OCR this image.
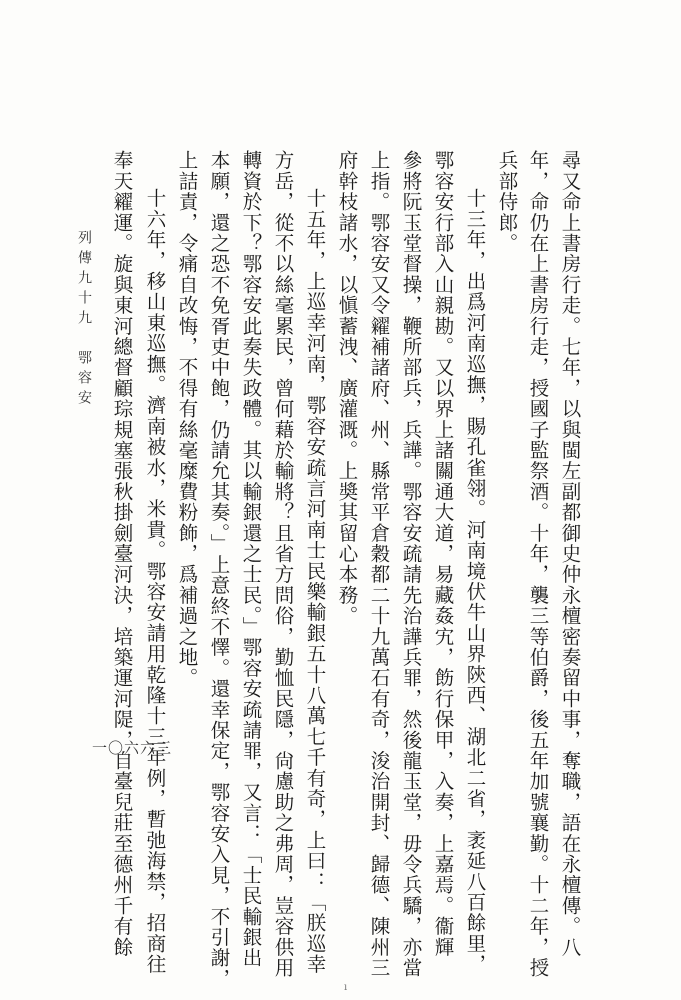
尋又命上書房行走。七年，以與閩左副都御史仲永檀密奏留中事，奪職，語在永檀傳。八
年，命仍在上書房行走，授國子監祭酒。十年，襲三等伯爵，後五年加號襄勤。十二年，授
兵部侍郎。
十三年，出爲河南巡撫，賜孔雀翎。河南境伏牛山界陝西、湖北二省，袤延八百餘里，
鄂容安行部入山親勘。又以界上諸關通大道，易藏姦宄，飭行保甲，入奏，上嘉焉。衞輝
參將阮玉堂督操，鞭所部兵，兵譁。鄂容安疏請先治譁兵罪，然後龍玉堂，毋令兵驕，亦當
上指。鄂容安又令糴補諸府、州、縣常平倉穀都二十九萬石有奇，浚治開封、歸德、陳州三
府幹枝諸水，以愼蓄洩、廣灌溉。上奬其留心本務。
十五年，上巡幸河南，鄂容安疏言河南士民樂輸銀五十八萬七千有奇，上曰：「朕巡幸
方岳，從不以絲毫累民，曾何藉於輸將？且省方問俗，勤恤民隱，尙慮助之弗周，豈容供用
轉資於下？鄂容安此奏失政體。其以輸銀還之士民。」鄂容安疏請罪，又言：「士民輸銀出
本願，還之恐不免胥吏中飽，仍請允其奏。」上意終不懌。還幸保定，鄂容安入見，不引謝，
上詰責，令痛自改悔，不得有絲毫糜費粉飾，爲補過之地。
十六年，移山東巡撫。濟南被水，米貴。鄂容安請用乾隆十三年例，暫弛海禁，招商往
奉天糴運。旋與東河總督顧琮規塞張秋掛劍臺河決，培築運河隄，自臺兒莊至德州千有餘
列傳九十九
鄂容安
一〇六六三
ı
